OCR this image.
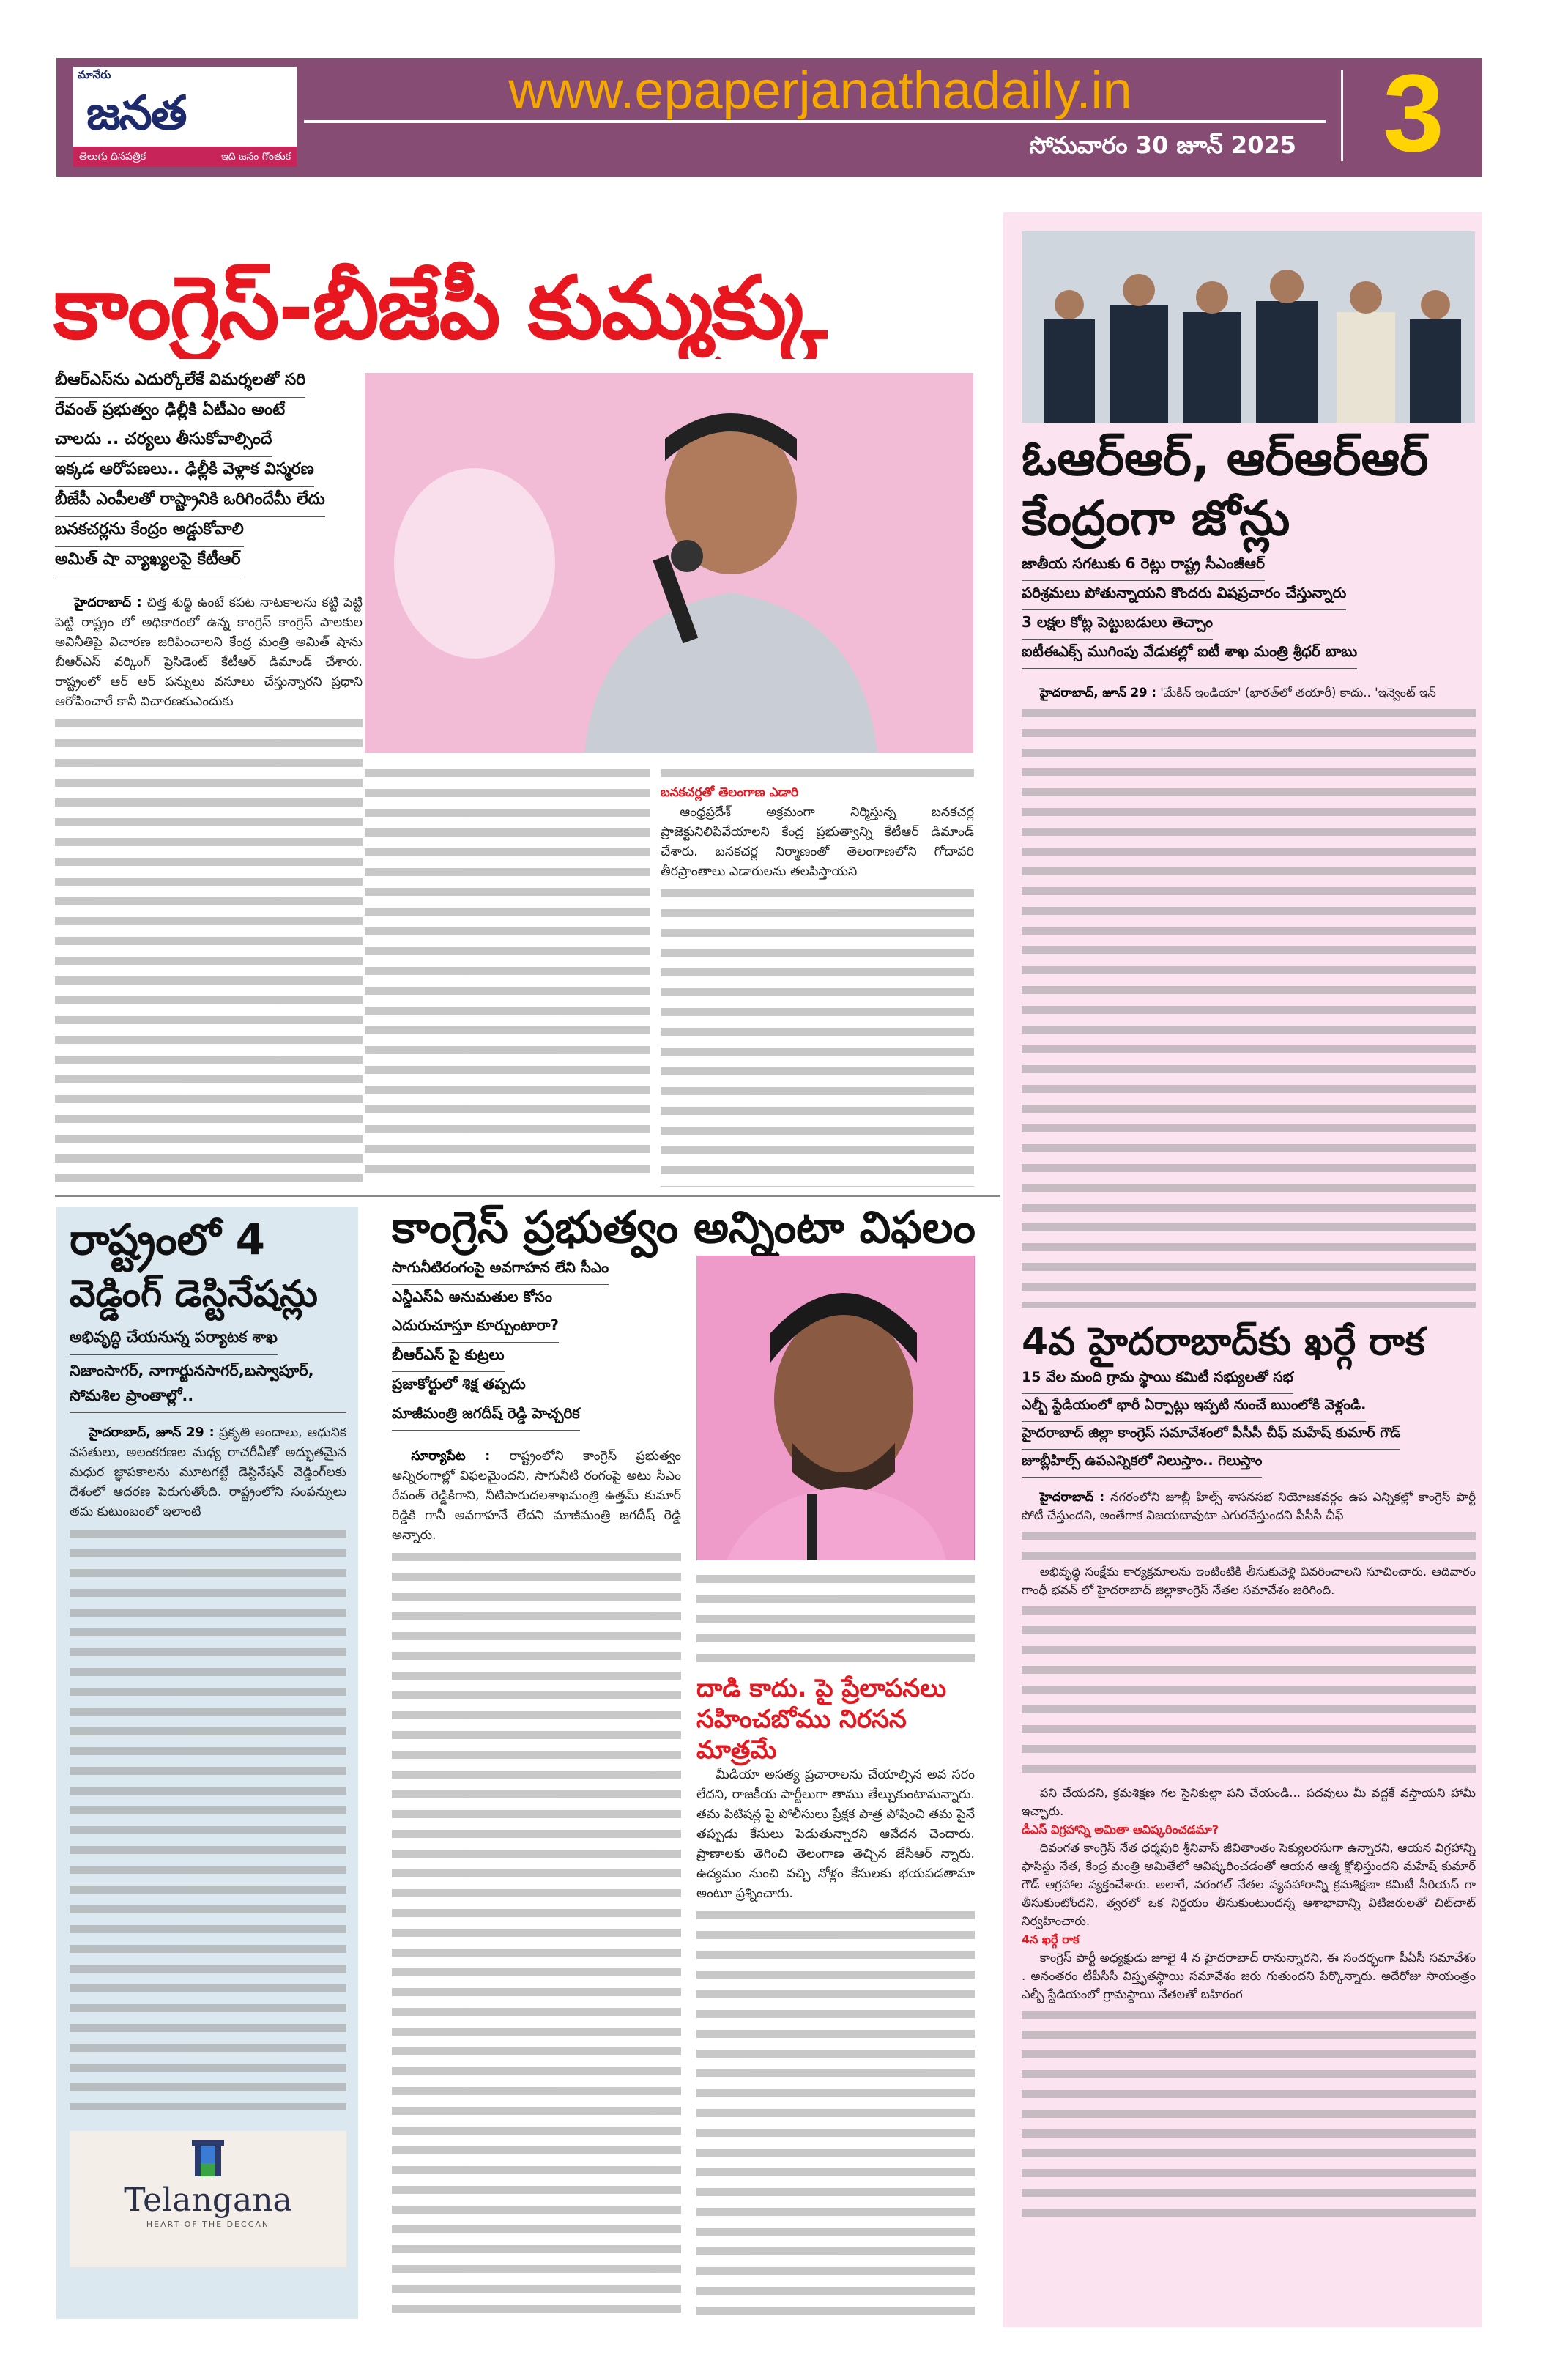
మానేరు
జనత
తెలుగు దినపత్రిక	ఇది జనం గొంతుక
www.epaperjanathadaily.in
సోమవారం 30 జూన్ 2025 3
కాంగ్రెస్-బీజేపీ కుమ్మక్కు
బీఆర్ఎస్‌ను ఎదుర్కోలేకే విమర్శలతో సరి
రేవంత్ ప్రభుత్వం ఢిల్లీకి ఏటీఎం అంటే
చాలదు .. చర్యలు తీసుకోవాల్సిందే
ఇక్కడ ఆరోపణలు.. ఢిల్లీకి వెళ్లాక విస్మరణ
బీజేపీ ఎంపీలతో రాష్ట్రానికి ఒరిగిందేమీ లేదు
బనకచర్లను కేంద్రం అడ్డుకోవాలి
అమిత్ షా వ్యాఖ్యలపై కేటీఆర్

హైదరాబాద్ : చిత్త శుద్ధి ఉంటే కపట నాటకాలను కట్టి పెట్టి పెట్టి రాష్ట్రం లో అధికారంలో ఉన్న కాంగ్రెస్ కాంగ్రెస్ పాలకుల అవినీతిపై విచారణ జరిపించాలని కేంద్ర మంత్రి అమిత్ షాను బీఆర్ఎస్ వర్కింగ్ ప్రెసిడెంట్ కేటీఆర్ డిమాండ్ చేశారు. రాష్ట్రంలో ఆర్ ఆర్ పన్నులు వసూలు చేస్తున్నారని ప్రధాని ఆరోపించారే కానీ విచారణకుఎందుకు

బనకచర్లతో తెలంగాణ ఎడారి

ఆంధ్రప్రదేశ్ అక్రమంగా నిర్మిస్తున్న బనకచర్ల ప్రాజెక్టునిలిపివేయాలని కేంద్ర ప్రభుత్వాన్ని కేటీఆర్ డిమాండ్ చేశారు. బనకచర్ల నిర్మాణంతో తెలంగాణలోని గోదావరి తీరప్రాంతాలు ఎడారులను తలపిస్తాయని

ఓఆర్ఆర్, ఆర్ఆర్ఆర్
కేంద్రంగా జోన్లు
జాతీయ సగటుకు 6 రెట్లు రాష్ట్ర సీఎంజీఆర్
పరిశ్రమలు పోతున్నాయని కొందరు విషప్రచారం చేస్తున్నారు
3 లక్షల కోట్ల పెట్టుబడులు తెచ్చాం
ఐటీఈఎక్స్ ముగింపు వేడుకల్లో ఐటీ శాఖ మంత్రి శ్రీధర్ బాబు

హైదరాబాద్, జూన్ 29 : 'మేకిన్ ఇండియా' (భారత్‌లో తయారీ) కాదు.. 'ఇన్వెంట్ ఇన్

4వ హైదరాబాద్‌కు ఖర్గే రాక
15 వేల మంది గ్రామ స్థాయి కమిటీ సభ్యులతో సభ
ఎల్బీ స్టేడియంలో భారీ ఏర్పాట్లు ఇప్పటి నుంచే ఋంలోకి వెళ్లండి.
హైదరాబాద్ జిల్లా కాంగ్రెస్ సమావేశంలో పీసీసీ చీఫ్ మహేష్ కుమార్ గౌడ్
జూబ్లీహిల్స్ ఉపఎన్నికలో నిలుస్తాం.. గెలుస్తాం

హైదరాబాద్ : నగరంలోని జూబ్లీ హిల్స్ శాసనసభ నియోజకవర్గం ఉప ఎన్నికల్లో కాంగ్రెస్ పార్టీ పోటీ చేస్తుందని, అంతేగాక విజయబావుటా ఎగురవేస్తుందని పీసీసీ చీఫ్

అభివృద్ధి సంక్షేమ కార్యక్రమాలను ఇంటింటికి తీసుకువెళ్లి వివరించాలని సూచించారు. ఆదివారం గాంధీ భవన్ లో హైదరాబాద్ జిల్లాకాంగ్రెస్ నేతల సమావేశం జరిగింది.

పని చేయదని, క్రమశిక్షణ గల సైనికుల్లా పని చేయండి... పదవులు మీ వద్దకే వస్తాయని హామీ ఇచ్చారు.

డీఎస్ విగ్రహాన్ని అమితా ఆవిష్కరించడమా?

దివంగత కాంగ్రెస్ నేత ధర్మపురి శ్రీనివాస్ జీవితాంతం సెక్యులరసుగా ఉన్నారని, ఆయన విగ్రహాన్ని ఫాసిస్టు నేత, కేంద్ర మంత్రి అమితేలో ఆవిష్కరించడంతో ఆయన ఆత్మ క్షోభిస్తుందని మహేష్ కుమార్ గౌడ్ ఆగ్రహాల వ్యక్తంచేశారు. అలాగే, వరంగల్ నేతల వ్యవహారాన్ని క్రమశిక్షణా కమిటీ సీరియస్ గా తీసుకుంటోందని, త్వరలో ఒక నిర్ణయం తీసుకుంటుందన్న ఆశాభావాన్ని విటిజరులతో చిట్‌చాట్ నిర్వహించారు.

4న ఖర్గే రాక

కాంగ్రెస్ పార్టీ అధ్యక్షుడు జూలై 4 న హైదరాబాద్ రానున్నారని, ఈ సందర్భంగా పీఏసీ సమావేశం . అనంతరం టీపీసీసీ విస్తృతస్థాయి సమావేశం జరు గుతుందని పేర్కొన్నారు. అదేరోజు సాయంత్రం ఎల్బీ స్టేడియంలో గ్రామస్థాయి నేతలతో బహిరంగ

రాష్ట్రంలో 4
వెడ్డింగ్ డెస్టినేషన్లు
అభివృద్ధి చేయనున్న పర్యాటక శాఖ
నిజాంసాగర్, నాగార్జునసాగర్,బస్వాపూర్, సోమశిల ప్రాంతాల్లో..

హైదరాబాద్, జూన్ 29 : ప్రకృతి అందాలు, ఆధునిక వసతులు, అలంకరణల మధ్య రాచరీవీతో అద్భుతమైన మధుర జ్ఞాపకాలను మూటగట్టే డెస్టినేషన్ వెడ్డింగ్‌లకు దేశంలో ఆదరణ పెరుగుతోంది. రాష్ట్రంలోని సంపన్నులు తమ కుటుంబంలో ఇలాంటి

Telangana
HEART OF THE DECCAN
కాంగ్రెస్ ప్రభుత్వం అన్నింటా విఫలం
సాగునీటిరంగంపై అవగాహన లేని సీఎం
ఎన్డీఎస్‌ఏ అనుమతుల కోసం
ఎదురుచూస్తూ కూర్చుంటారా?
బీఆర్ఎస్ పై కుట్రలు
ప్రజాకోర్టులో శిక్ష తప్పదు
మాజీమంత్రి జగదీష్ రెడ్డి హెచ్చరిక

సూర్యాపేట : రాష్ట్రంలోని కాంగ్రెస్ ప్రభుత్వం అన్నిరంగాల్లో విఫలమైందని, సాగునీటి రంగంపై అటు సీఎం రేవంత్ రెడ్డికిగాని, నీటిపారుదలశాఖమంత్రి ఉత్తమ్ కుమార్ రెడ్డికి గానీ అవగాహనే లేదని మాజీమంత్రి జగదీష్ రెడ్డి అన్నారు.

దాడి కాదు. పై ప్రేలాపనలు సహించబోము నిరసన మాత్రమే

మీడియా అసత్య ప్రచారాలను చేయాల్సిన అవ సరం లేదని, రాజకీయ పార్టీలుగా తాము తేల్చుకుంటామన్నారు. తమ పిటిషన్ల పై పోలీసులు ప్రేక్షక పాత్ర పోషించి తమ పైనే తప్పుడు కేసులు పెడుతున్నారని ఆవేదన చెందారు. ప్రాణాలకు తెగించి తెలంగాణ తెచ్చిన జేసీఆర్ న్నారు. ఉద్యమం నుంచి వచ్చి నోళ్లం కేసులకు భయపడతామా అంటూ ప్రశ్నించారు.
